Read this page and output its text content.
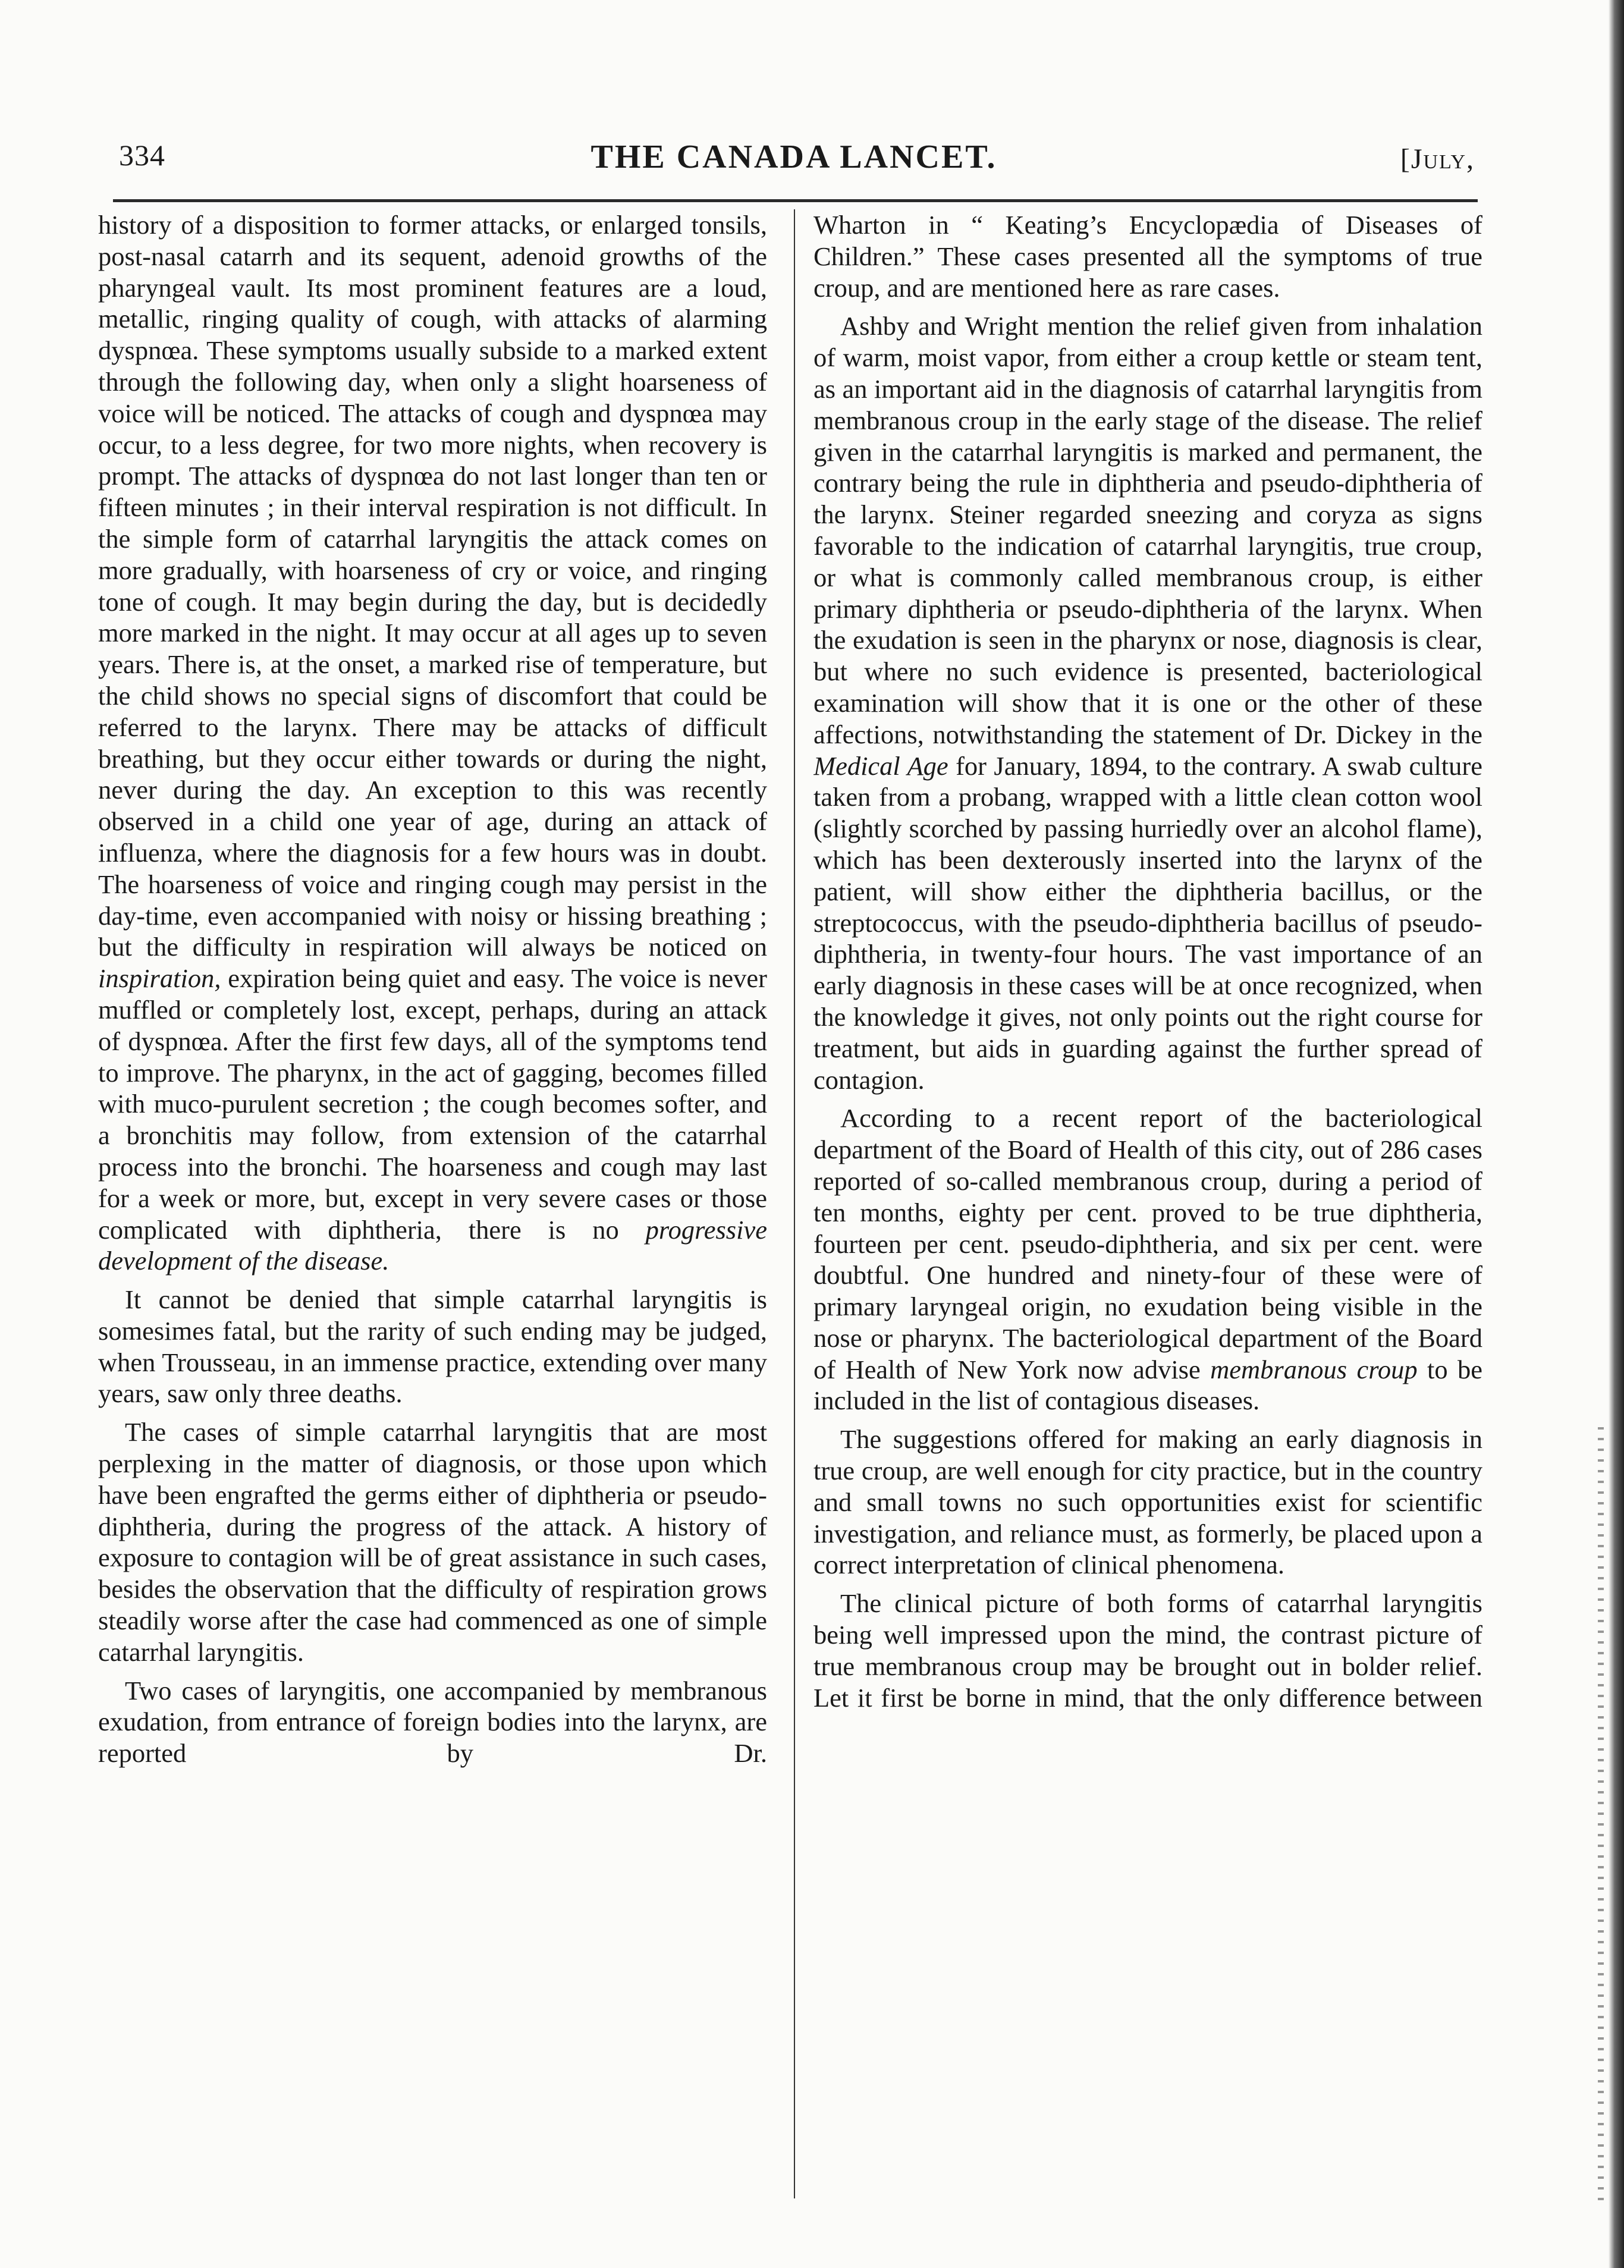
334	THE CANADA LANCET.	[July,

history of a disposition to former attacks, or enlarged tonsils, post-nasal catarrh and its sequent, adenoid growths of the pharyngeal vault. Its most prominent features are a loud, metallic, ringing quality of cough, with attacks of alarming dyspnœa. These symptoms usually subside to a marked extent through the following day, when only a slight hoarseness of voice will be noticed. The attacks of cough and dyspnœa may occur, to a less degree, for two more nights, when recovery is prompt. The attacks of dyspnœa do not last longer than ten or fifteen minutes ; in their interval respiration is not difficult. In the simple form of catarrhal laryngitis the attack comes on more gradually, with hoarseness of cry or voice, and ringing tone of cough. It may begin during the day, but is decidedly more marked in the night. It may occur at all ages up to seven years. There is, at the onset, a marked rise of temperature, but the child shows no special signs of discomfort that could be referred to the larynx. There may be attacks of difficult breathing, but they occur either towards or during the night, never during the day. An exception to this was recently observed in a child one year of age, during an attack of influenza, where the diagnosis for a few hours was in doubt. The hoarseness of voice and ringing cough may persist in the day-time, even accompanied with noisy or hissing breathing ; but the difficulty in respiration will always be noticed on inspiration, expiration being quiet and easy. The voice is never muffled or completely lost, except, perhaps, during an attack of dyspnœa. After the first few days, all of the symptoms tend to improve. The pharynx, in the act of gagging, becomes filled with muco-purulent secretion ; the cough becomes softer, and a bronchitis may follow, from extension of the catarrhal process into the bronchi. The hoarseness and cough may last for a week or more, but, except in very severe cases or those complicated with diphtheria, there is no progressive development of the disease.

It cannot be denied that simple catarrhal laryngitis is somesimes fatal, but the rarity of such ending may be judged, when Trousseau, in an immense practice, extending over many years, saw only three deaths.

The cases of simple catarrhal laryngitis that are most perplexing in the matter of diagnosis, or those upon which have been engrafted the germs either of diphtheria or pseudo-diphtheria, during the progress of the attack. A history of exposure to contagion will be of great assistance in such cases, besides the observation that the difficulty of respiration grows steadily worse after the case had commenced as one of simple catarrhal laryngitis.

Two cases of laryngitis, one accompanied by membranous exudation, from entrance of foreign bodies into the larynx, are reported by Dr.

Wharton in “ Keating’s Encyclopædia of Diseases of Children.” These cases presented all the symptoms of true croup, and are mentioned here as rare cases.

Ashby and Wright mention the relief given from inhalation of warm, moist vapor, from either a croup kettle or steam tent, as an important aid in the diagnosis of catarrhal laryngitis from membranous croup in the early stage of the disease. The relief given in the catarrhal laryngitis is marked and permanent, the contrary being the rule in diphtheria and pseudo-diphtheria of the larynx. Steiner regarded sneezing and coryza as signs favorable to the indication of catarrhal laryngitis, true croup, or what is commonly called membranous croup, is either primary diphtheria or pseudo-diphtheria of the larynx. When the exudation is seen in the pharynx or nose, diagnosis is clear, but where no such evidence is presented, bacteriological examination will show that it is one or the other of these affections, notwithstanding the statement of Dr. Dickey in the Medical Age for January, 1894, to the contrary. A swab culture taken from a probang, wrapped with a little clean cotton wool (slightly scorched by passing hurriedly over an alcohol flame), which has been dexterously inserted into the larynx of the patient, will show either the diphtheria bacillus, or the streptococcus, with the pseudo-diphtheria bacillus of pseudo-diphtheria, in twenty-four hours. The vast importance of an early diagnosis in these cases will be at once recognized, when the knowledge it gives, not only points out the right course for treatment, but aids in guarding against the further spread of contagion.

According to a recent report of the bacteriological department of the Board of Health of this city, out of 286 cases reported of so-called membranous croup, during a period of ten months, eighty per cent. proved to be true diphtheria, fourteen per cent. pseudo-diphtheria, and six per cent. were doubtful. One hundred and ninety-four of these were of primary laryngeal origin, no exudation being visible in the nose or pharynx. The bacteriological department of the Board of Health of New York now advise membranous croup to be included in the list of contagious diseases.

The suggestions offered for making an early diagnosis in true croup, are well enough for city practice, but in the country and small towns no such opportunities exist for scientific investigation, and reliance must, as formerly, be placed upon a correct interpretation of clinical phenomena.

The clinical picture of both forms of catarrhal laryngitis being well impressed upon the mind, the contrast picture of true membranous croup may be brought out in bolder relief. Let it first be borne in mind, that the only difference between
